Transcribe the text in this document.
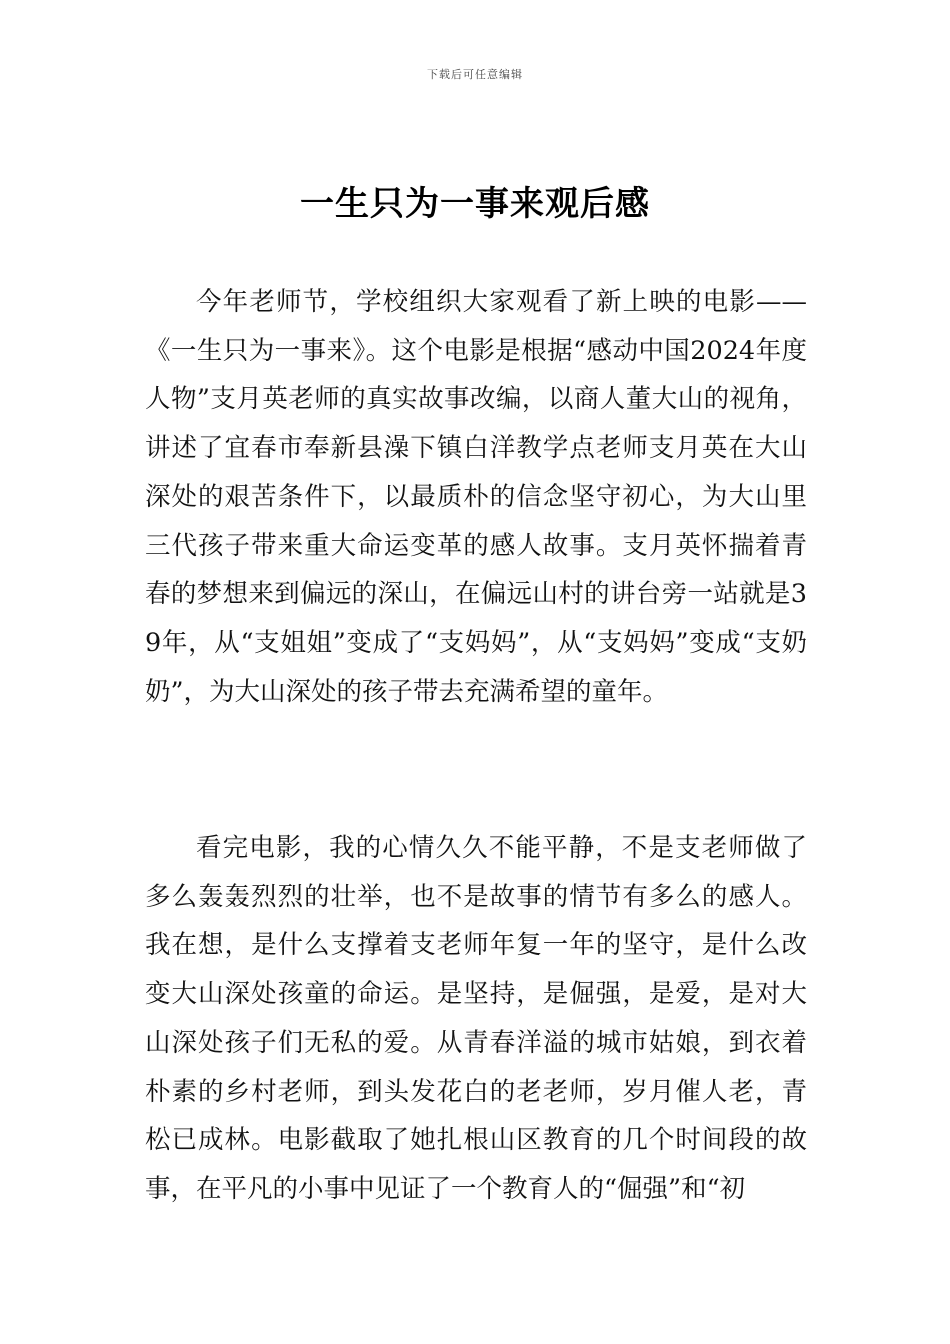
下载后可任意编辑
一生只为一事来观后感

今年老师节，学校组织大家观看了新上映的电影——《一生只为一事来》。这个电影是根据“感动中国2024年度人物”支月英老师的真实故事改编，以商人董大山的视角，讲述了宜春市奉新县澡下镇白洋教学点老师支月英在大山深处的艰苦条件下，以最质朴的信念坚守初心，为大山里三代孩子带来重大命运变革的感人故事。支月英怀揣着青春的梦想来到偏远的深山，在偏远山村的讲台旁一站就是39年，从“支姐姐”变成了“支妈妈”，从“支妈妈”变成“支奶奶”，为大山深处的孩子带去充满希望的童年。

看完电影，我的心情久久不能平静，不是支老师做了多么轰轰烈烈的壮举，也不是故事的情节有多么的感人。我在想，是什么支撑着支老师年复一年的坚守，是什么改变大山深处孩童的命运。是坚持，是倔强，是爱，是对大山深处孩子们无私的爱。从青春洋溢的城市姑娘，到衣着朴素的乡村老师，到头发花白的老老师，岁月催人老，青松已成林。电影截取了她扎根山区教育的几个时间段的故事，在平凡的小事中见证了一个教育人的“倔强”和“初
